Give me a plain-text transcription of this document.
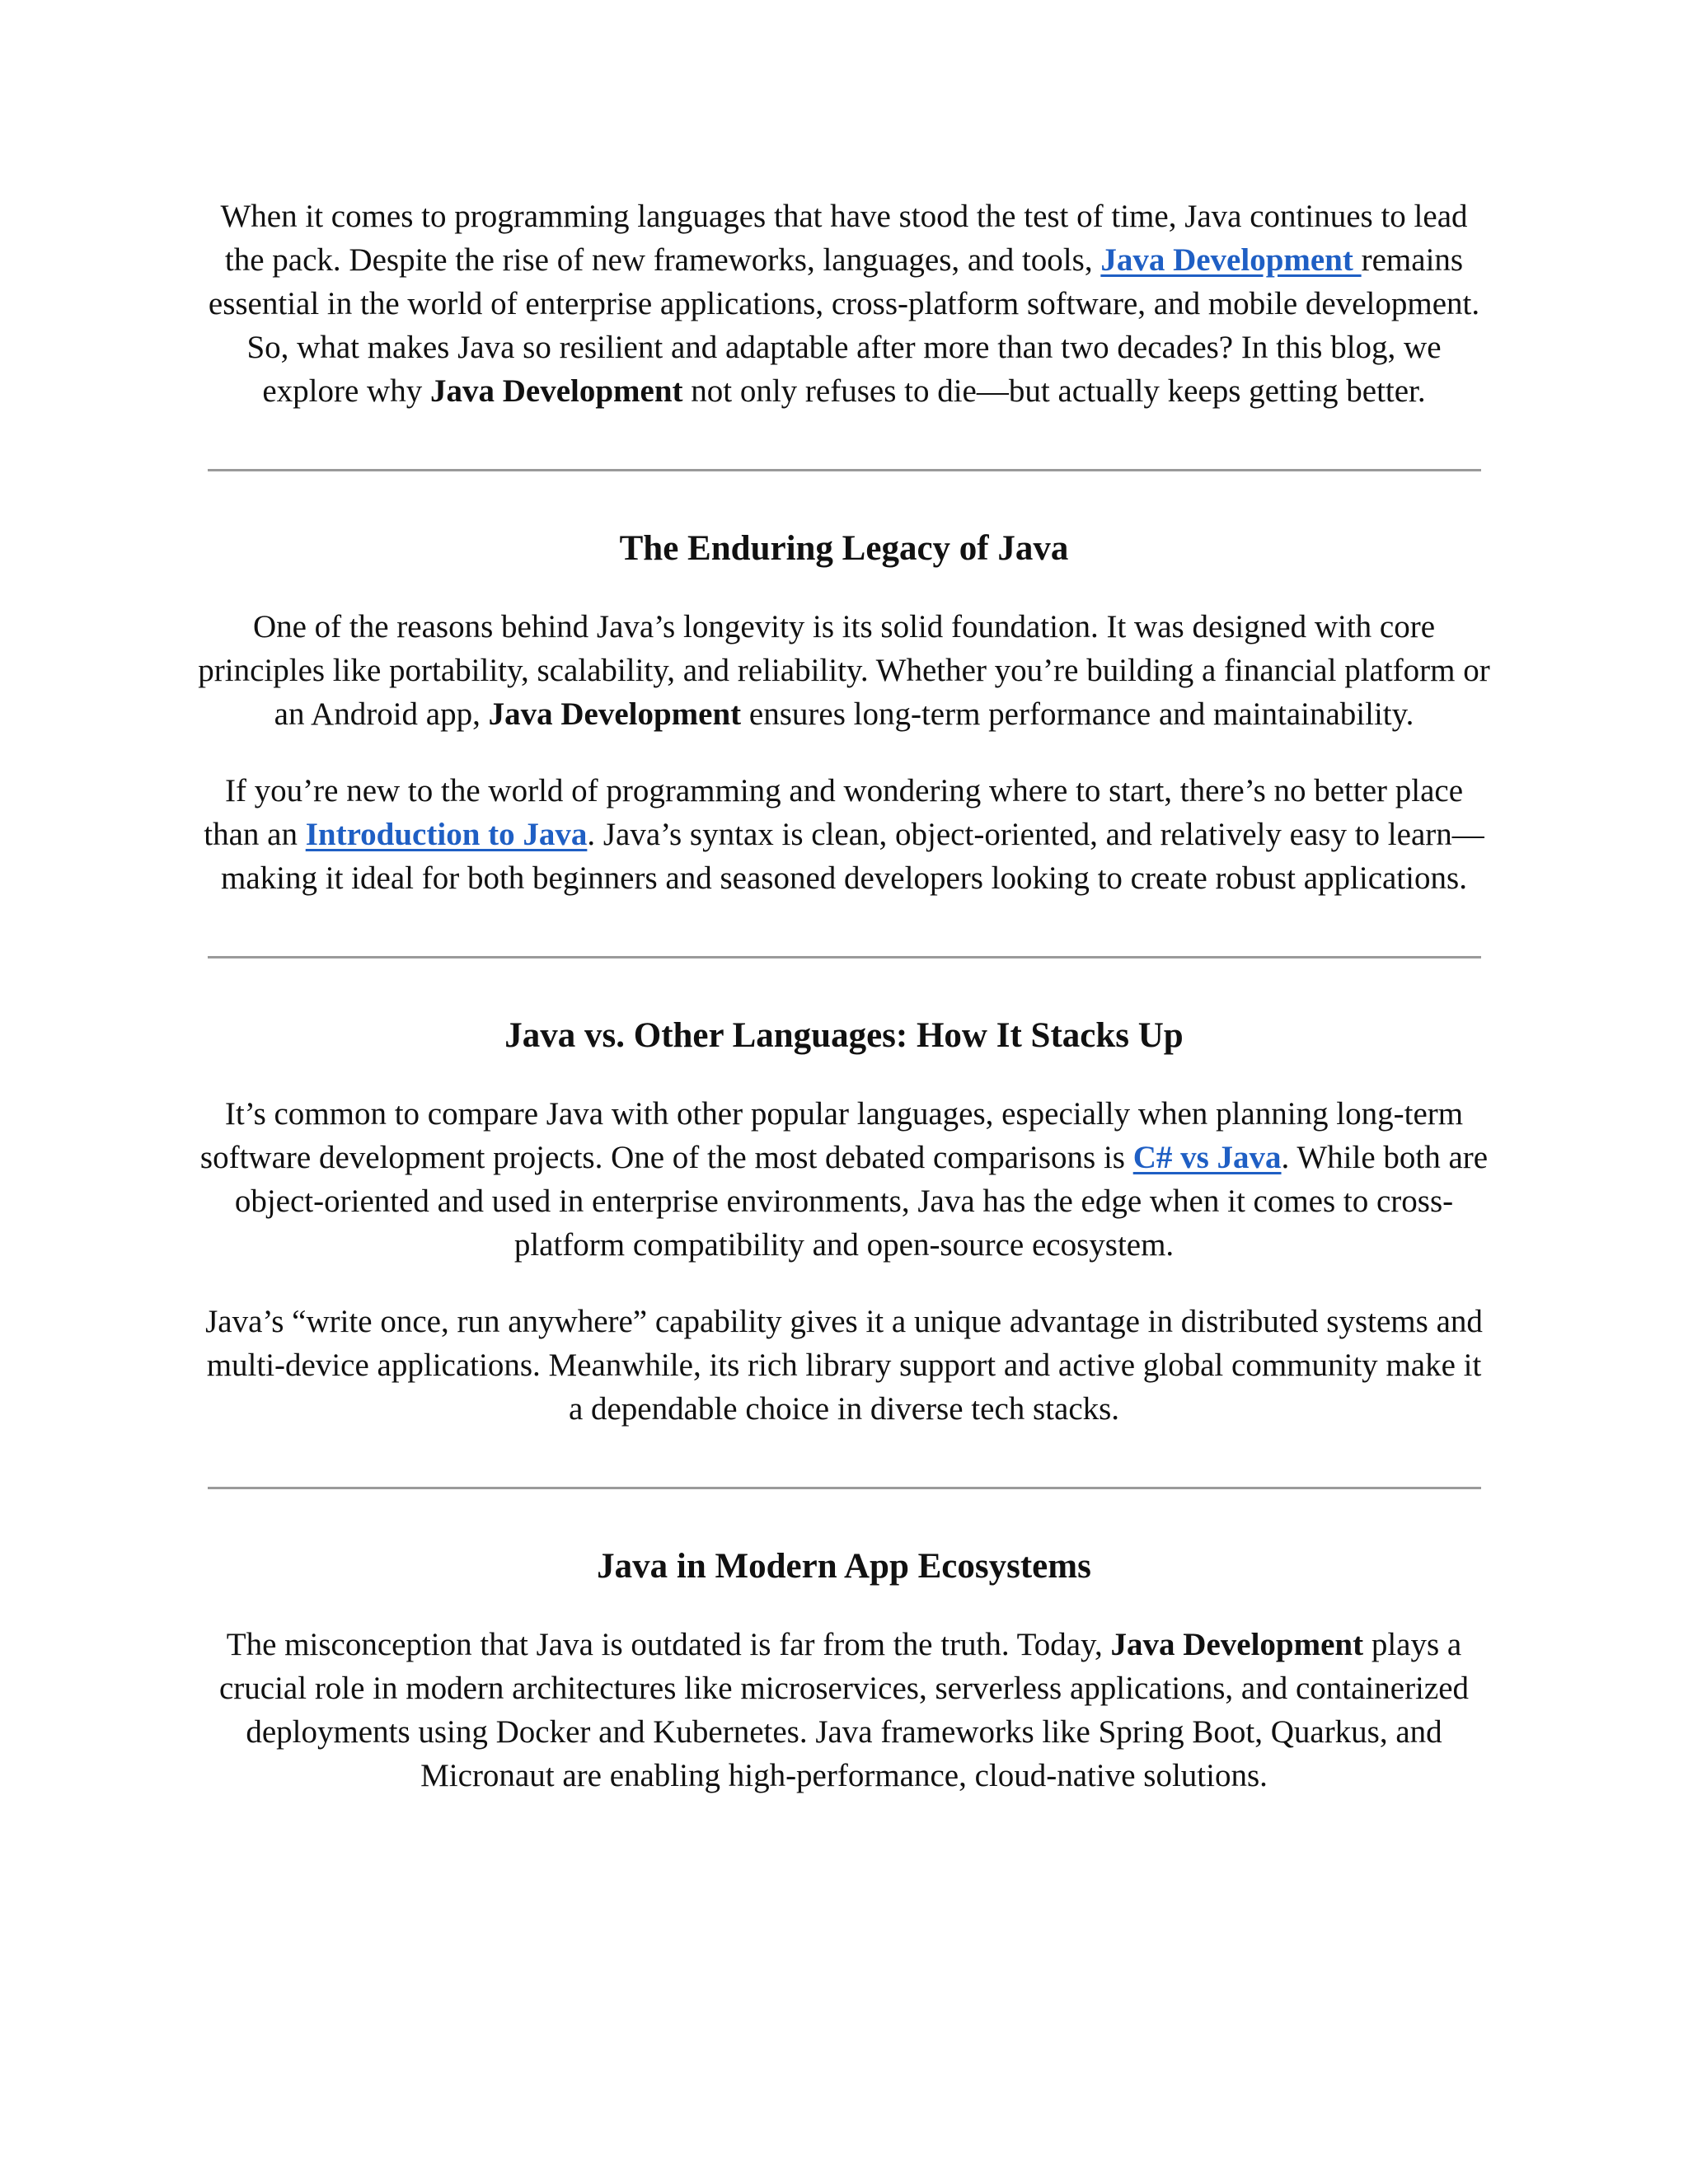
When it comes to programming languages that have stood the test of time, Java continues to lead the pack. Despite the rise of new frameworks, languages, and tools, Java Development remains essential in the world of enterprise applications, cross-platform software, and mobile development. So, what makes Java so resilient and adaptable after more than two decades? In this blog, we explore why Java Development not only refuses to die—but actually keeps getting better.

The Enduring Legacy of Java

One of the reasons behind Java’s longevity is its solid foundation. It was designed with core principles like portability, scalability, and reliability. Whether you’re building a financial platform or an Android app, Java Development ensures long-term performance and maintainability.

If you’re new to the world of programming and wondering where to start, there’s no better place than an Introduction to Java. Java’s syntax is clean, object-oriented, and relatively easy to learn—making it ideal for both beginners and seasoned developers looking to create robust applications.

Java vs. Other Languages: How It Stacks Up

It’s common to compare Java with other popular languages, especially when planning long-term software development projects. One of the most debated comparisons is C# vs Java. While both are object-oriented and used in enterprise environments, Java has the edge when it comes to cross-platform compatibility and open-source ecosystem.

Java’s “write once, run anywhere” capability gives it a unique advantage in distributed systems and multi-device applications. Meanwhile, its rich library support and active global community make it a dependable choice in diverse tech stacks.

Java in Modern App Ecosystems

The misconception that Java is outdated is far from the truth. Today, Java Development plays a crucial role in modern architectures like microservices, serverless applications, and containerized deployments using Docker and Kubernetes. Java frameworks like Spring Boot, Quarkus, and Micronaut are enabling high-performance, cloud-native solutions.
